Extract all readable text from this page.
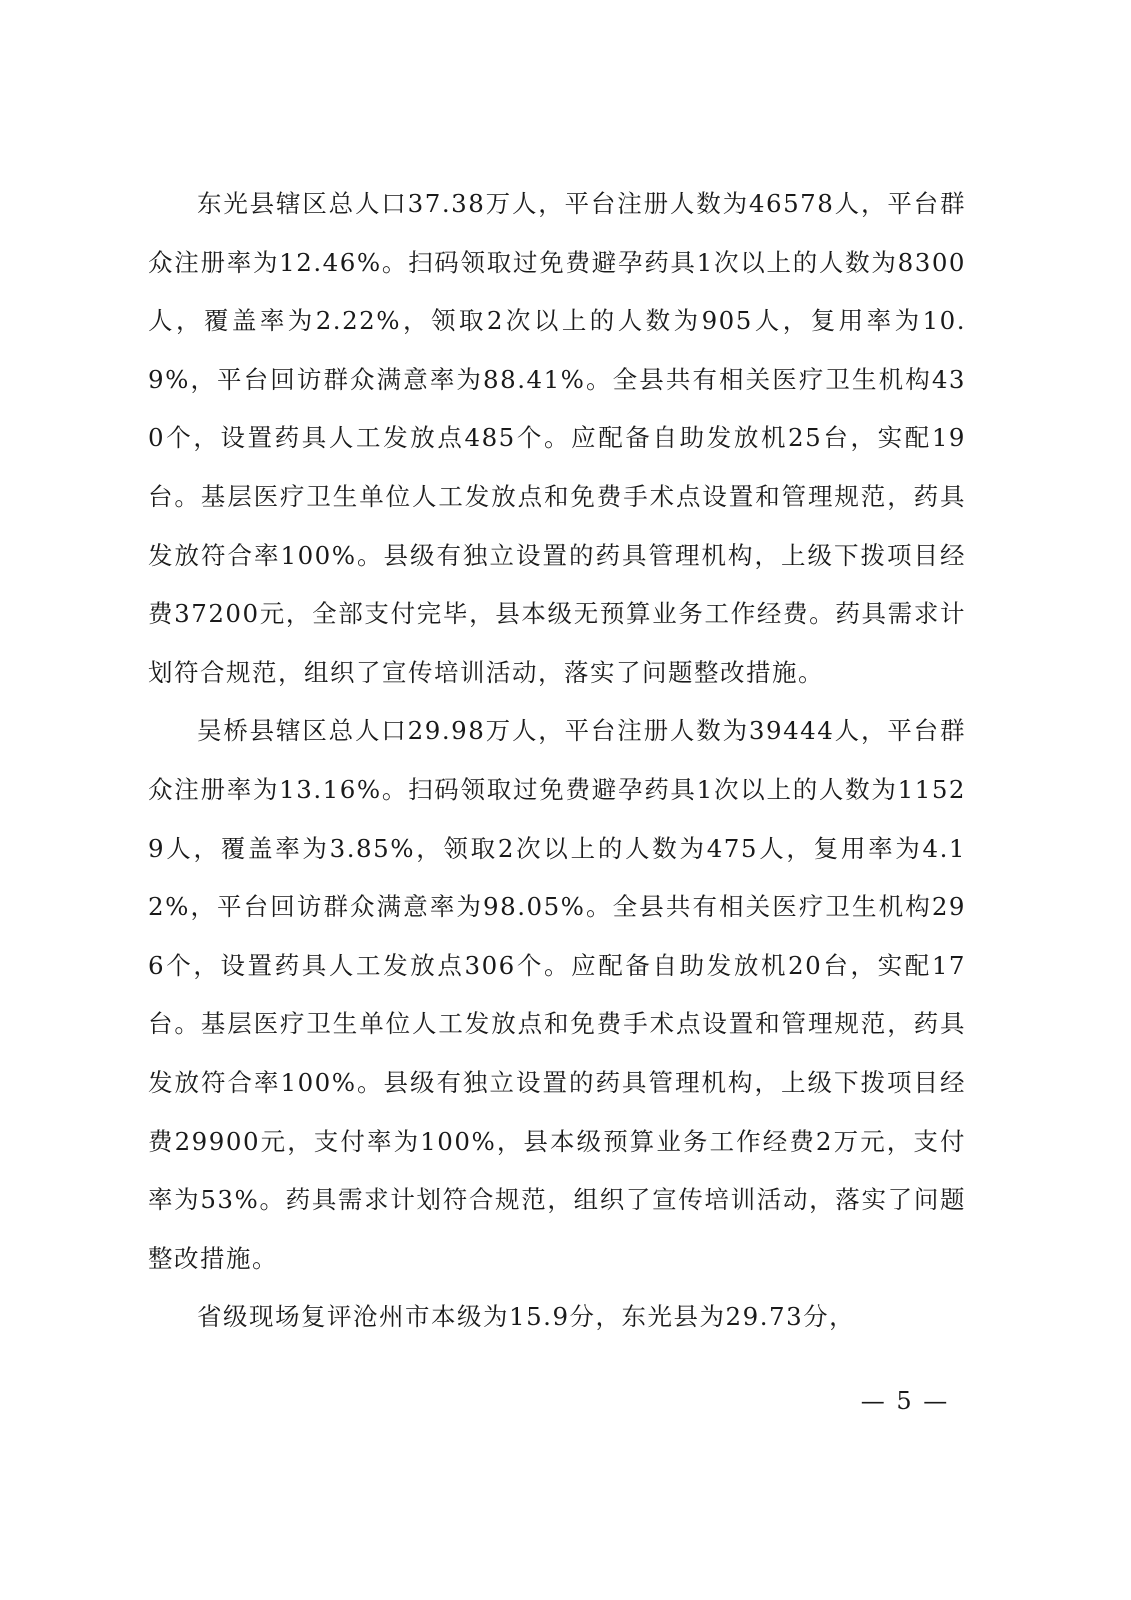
东光县辖区总人口37.38万人，平台注册人数为46578人，平台群众注册率为12.46%。扫码领取过免费避孕药具1次以上的人数为8300人，覆盖率为2.22%，领取2次以上的人数为905人，复用率为10.9%，平台回访群众满意率为88.41%。全县共有相关医疗卫生机构430个，设置药具人工发放点485个。应配备自助发放机25台，实配19台。基层医疗卫生单位人工发放点和免费手术点设置和管理规范，药具发放符合率100%。县级有独立设置的药具管理机构，上级下拨项目经费37200元，全部支付完毕，县本级无预算业务工作经费。药具需求计划符合规范，组织了宣传培训活动，落实了问题整改措施。

吴桥县辖区总人口29.98万人，平台注册人数为39444人，平台群众注册率为13.16%。扫码领取过免费避孕药具1次以上的人数为11529人，覆盖率为3.85%，领取2次以上的人数为475人，复用率为4.12%，平台回访群众满意率为98.05%。全县共有相关医疗卫生机构296个，设置药具人工发放点306个。应配备自助发放机20台，实配17台。基层医疗卫生单位人工发放点和免费手术点设置和管理规范，药具发放符合率100%。县级有独立设置的药具管理机构，上级下拨项目经费29900元，支付率为100%，县本级预算业务工作经费2万元，支付率为53%。药具需求计划符合规范，组织了宣传培训活动，落实了问题整改措施。

省级现场复评沧州市本级为15.9分，东光县为29.73分，

— 5 —
